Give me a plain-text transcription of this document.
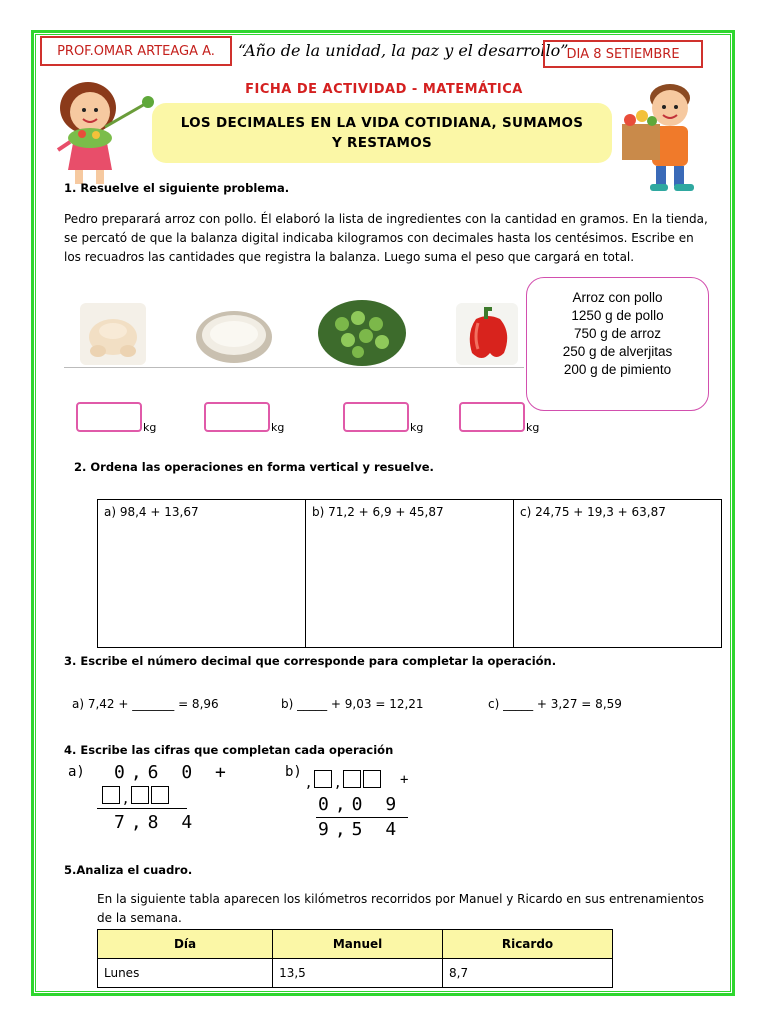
PROF.OMAR ARTEAGA A. “Año de la unidad, la paz y el desarrollo”
DIA 8 SETIEMBRE
FICHA DE ACTIVIDAD - MATEMÁTICA
LOS DECIMALES EN LA VIDA COTIDIANA, SUMAMOS
Y RESTAMOS
1. Resuelve el siguiente problema.
Pedro preparará arroz con pollo. Él elaboró la lista de ingredientes con la cantidad en gramos. En la tienda, se percató de que la balanza digital indicaba kilogramos con decimales hasta los centésimos. Escribe en los recuadros las cantidades que registra la balanza. Luego suma el peso que cargará en total.
Arroz con pollo
1250 g de pollo
750 g de arroz
250 g de alverjitas
200 g de pimiento
kg	kg	kg	kg
2. Ordena las operaciones en forma vertical y resuelve.
a) 98,4 + 13,67	b) 71,2 + 6,9 + 45,87	c) 24,75 + 19,3 + 63,87
3. Escribe el número decimal que corresponde para completar la operación.
a) 7,42 + _______ = 8,96	b) _____ + 9,03 = 12,21	c) _____ + 3,27 = 8,59
4. Escribe las cifras que completan cada operación
a) 0,6 0 +
,
7,8 4
b) , ,	+
0,0 9
9,5 4
5.Analiza el cuadro.
En la siguiente tabla aparecen los kilómetros recorridos por Manuel y Ricardo en sus entrenamientos de la semana.
Día	Manuel	Ricardo
Lunes	13,5	8,7
